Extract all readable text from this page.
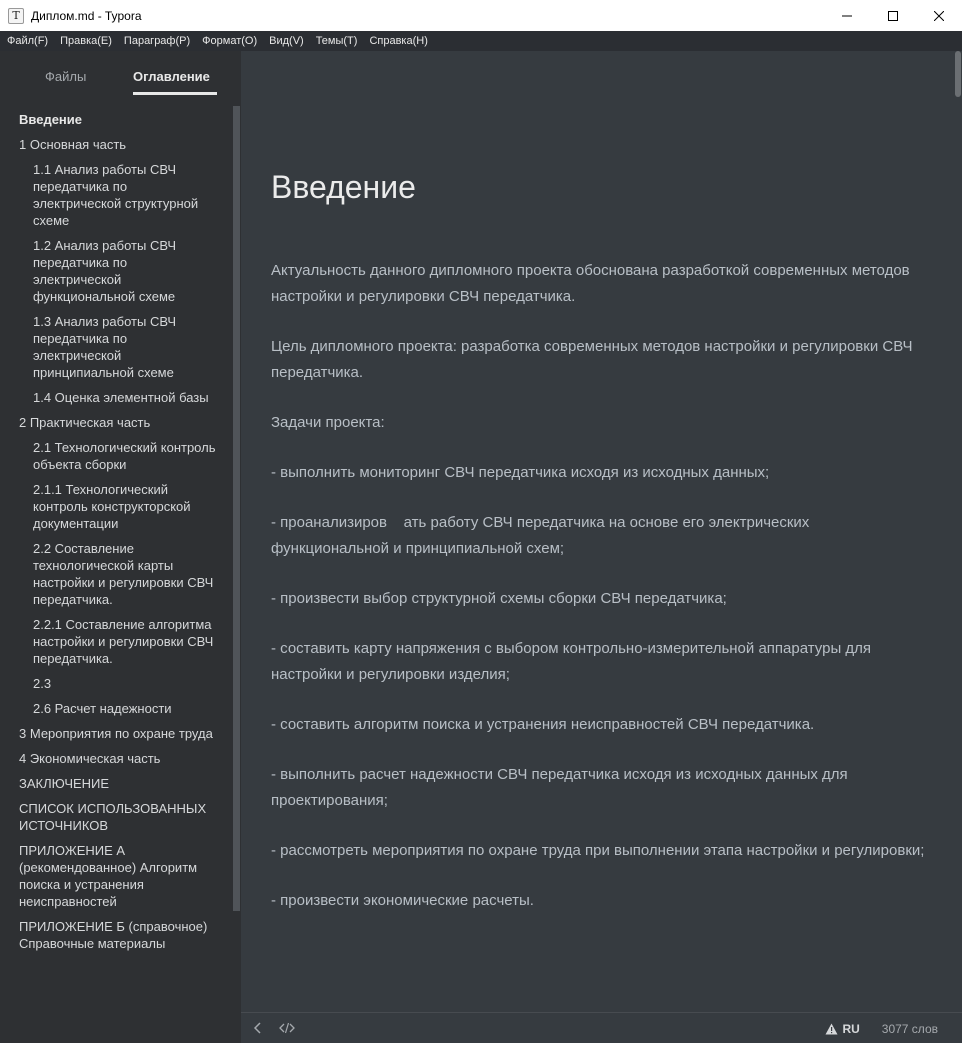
T Диплом.md - Typora
Файл(F) Правка(E) Параграф(P) Формат(O) Вид(V) Темы(T) Справка(H)
Файлы	Оглавление
Введение
1 Основная часть
1.1 Анализ работы СВЧ передатчика по электрической структурной схеме
1.2 Анализ работы СВЧ передатчика по электрической функциональной схеме
1.3 Анализ работы СВЧ передатчика по электрической принципиальной схеме
1.4 Оценка элементной базы
2 Практическая часть
2.1 Технологический контроль объекта сборки
2.1.1 Технологический контроль конструкторской документации
2.2 Составление технологической карты настройки и регулировки СВЧ передатчика.
2.2.1 Составление алгоритма настройки и регулировки СВЧ передатчика.
2.3
2.6 Расчет надежности
3 Мероприятия по охране труда
4 Экономическая часть
ЗАКЛЮЧЕНИЕ
СПИСОК ИСПОЛЬЗОВАННЫХ ИСТОЧНИКОВ
ПРИЛОЖЕНИЕ А (рекомендованное) Алгоритм поиска и устранения неисправностей
ПРИЛОЖЕНИЕ Б (справочное) Справочные материалы
Введение

Актуальность данного дипломного проекта обоснована разработкой современных методов настройки и регулировки СВЧ передатчика.

Цель дипломного проекта: разработка современных методов настройки и регулировки СВЧ передатчика.

Задачи проекта:

- выполнить мониторинг СВЧ передатчика исходя из исходных данных;

- проанализиров    ать работу СВЧ передатчика на основе его электрических функциональной и принципиальной схем;

- произвести выбор структурной схемы сборки СВЧ передатчика;

- составить карту напряжения с выбором контрольно-измерительной аппаратуры для настройки и регулировки изделия;

- составить алгоритм поиска и устранения неисправностей СВЧ передатчика.

- выполнить расчет надежности СВЧ передатчика исходя из исходных данных для проектирования;

- рассмотреть мероприятия по охране труда при выполнении этапа настройки и регулировки;

- произвести экономические расчеты.

RU 3077 слов
